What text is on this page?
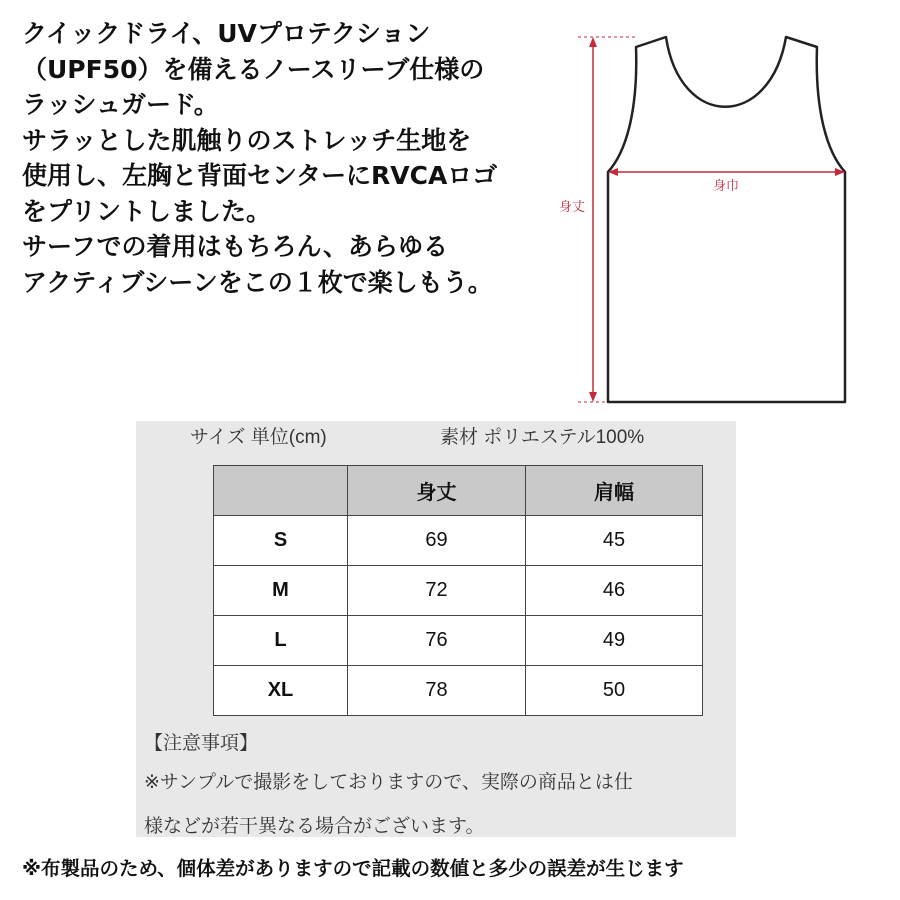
クイックドライ、UVプロテクション
（UPF50）を備えるノースリーブ仕様の
ラッシュガード。
サラッとした肌触りのストレッチ生地を
使用し、左胸と背面センターにRVCAロゴ
をプリントしました。
サーフでの着用はもちろん、あらゆる
アクティブシーンをこの１枚で楽しもう。
身丈
身巾
サイズ 単位(cm)	素材 ポリエステル100%
	身丈	肩幅
S	69	45
M	72	46
L	76	49
XL	78	50
【注意事項】
※サンプルで撮影をしておりますので、実際の商品とは仕
様などが若干異なる場合がございます。
※布製品のため、個体差がありますので記載の数値と多少の誤差が生じます
